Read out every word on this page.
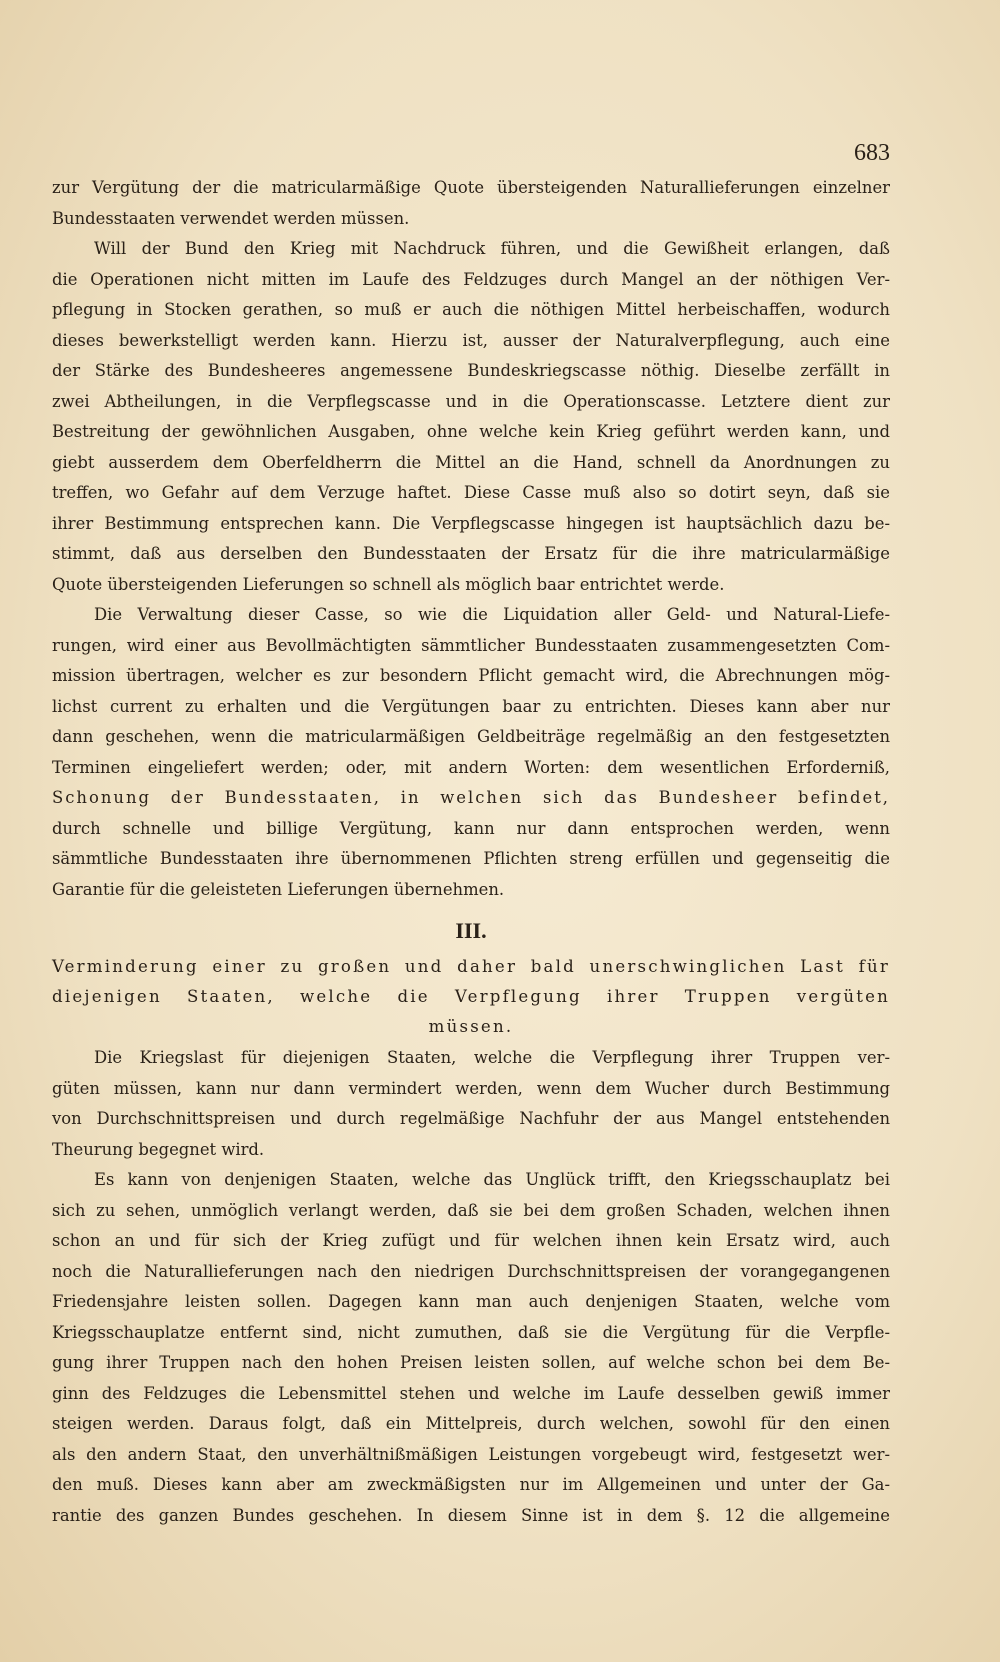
683

zur Vergütung der die matricularmäßige Quote übersteigenden Naturallieferungen einzelner
Bundesstaaten verwendet werden müssen.

Will der Bund den Krieg mit Nachdruck führen, und die Gewißheit erlangen, daß
die Operationen nicht mitten im Laufe des Feldzuges durch Mangel an der nöthigen Ver-
pflegung in Stocken gerathen, so muß er auch die nöthigen Mittel herbeischaffen, wodurch
dieses bewerkstelligt werden kann. Hierzu ist, ausser der Naturalverpflegung, auch eine
der Stärke des Bundesheeres angemessene Bundeskriegscasse nöthig. Dieselbe zerfällt in
zwei Abtheilungen, in die Verpflegscasse und in die Operationscasse. Letztere dient zur
Bestreitung der gewöhnlichen Ausgaben, ohne welche kein Krieg geführt werden kann, und
giebt ausserdem dem Oberfeldherrn die Mittel an die Hand, schnell da Anordnungen zu
treffen, wo Gefahr auf dem Verzuge haftet. Diese Casse muß also so dotirt seyn, daß sie
ihrer Bestimmung entsprechen kann. Die Verpflegscasse hingegen ist hauptsächlich dazu be-
stimmt, daß aus derselben den Bundesstaaten der Ersatz für die ihre matricularmäßige
Quote übersteigenden Lieferungen so schnell als möglich baar entrichtet werde.

Die Verwaltung dieser Casse, so wie die Liquidation aller Geld- und Natural-Liefe-
rungen, wird einer aus Bevollmächtigten sämmtlicher Bundesstaaten zusammengesetzten Com-
mission übertragen, welcher es zur besondern Pflicht gemacht wird, die Abrechnungen mög-
lichst current zu erhalten und die Vergütungen baar zu entrichten. Dieses kann aber nur
dann geschehen, wenn die matricularmäßigen Geldbeiträge regelmäßig an den festgesetzten
Terminen eingeliefert werden; oder, mit andern Worten: dem wesentlichen Erforderniß,
Schonung der Bundesstaaten, in welchen sich das Bundesheer befindet,
durch schnelle und billige Vergütung, kann nur dann entsprochen werden, wenn
sämmtliche Bundesstaaten ihre übernommenen Pflichten streng erfüllen und gegenseitig die
Garantie für die geleisteten Lieferungen übernehmen.

III.
Verminderung einer zu großen und daher bald unerschwinglichen Last für
diejenigen Staaten, welche die Verpflegung ihrer Truppen vergüten
müssen.

Die Kriegslast für diejenigen Staaten, welche die Verpflegung ihrer Truppen ver-
güten müssen, kann nur dann vermindert werden, wenn dem Wucher durch Bestimmung
von Durchschnittspreisen und durch regelmäßige Nachfuhr der aus Mangel entstehenden
Theurung begegnet wird.

Es kann von denjenigen Staaten, welche das Unglück trifft, den Kriegsschauplatz bei
sich zu sehen, unmöglich verlangt werden, daß sie bei dem großen Schaden, welchen ihnen
schon an und für sich der Krieg zufügt und für welchen ihnen kein Ersatz wird, auch
noch die Naturallieferungen nach den niedrigen Durchschnittspreisen der vorangegangenen
Friedensjahre leisten sollen. Dagegen kann man auch denjenigen Staaten, welche vom
Kriegsschauplatze entfernt sind, nicht zumuthen, daß sie die Vergütung für die Verpfle-
gung ihrer Truppen nach den hohen Preisen leisten sollen, auf welche schon bei dem Be-
ginn des Feldzuges die Lebensmittel stehen und welche im Laufe desselben gewiß immer
steigen werden. Daraus folgt, daß ein Mittelpreis, durch welchen, sowohl für den einen
als den andern Staat, den unverhältnißmäßigen Leistungen vorgebeugt wird, festgesetzt wer-
den muß. Dieses kann aber am zweckmäßigsten nur im Allgemeinen und unter der Ga-
rantie des ganzen Bundes geschehen. In diesem Sinne ist in dem §. 12 die allgemeine
